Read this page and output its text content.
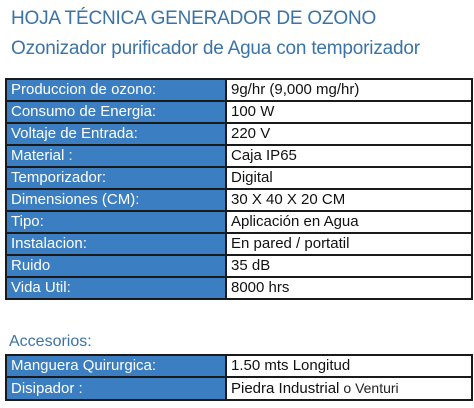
HOJA TÉCNICA GENERADOR DE OZONO
Ozonizador purificador de Agua con temporizador
Produccion de ozono:	9g/hr (9,000 mg/hr)
Consumo de Energia:	100 W
Voltaje de Entrada:	220 V
Material :	Caja IP65
Temporizador:	Digital
Dimensiones (CM):	30 X 40 X 20 CM
Tipo:	Aplicación en Agua
Instalacion:	En pared / portatil
Ruido	35 dB
Vida Util:	8000 hrs
Accesorios:
Manguera Quirurgica:	1.50 mts Longitud
Disipador :	Piedra Industrial o Venturi
